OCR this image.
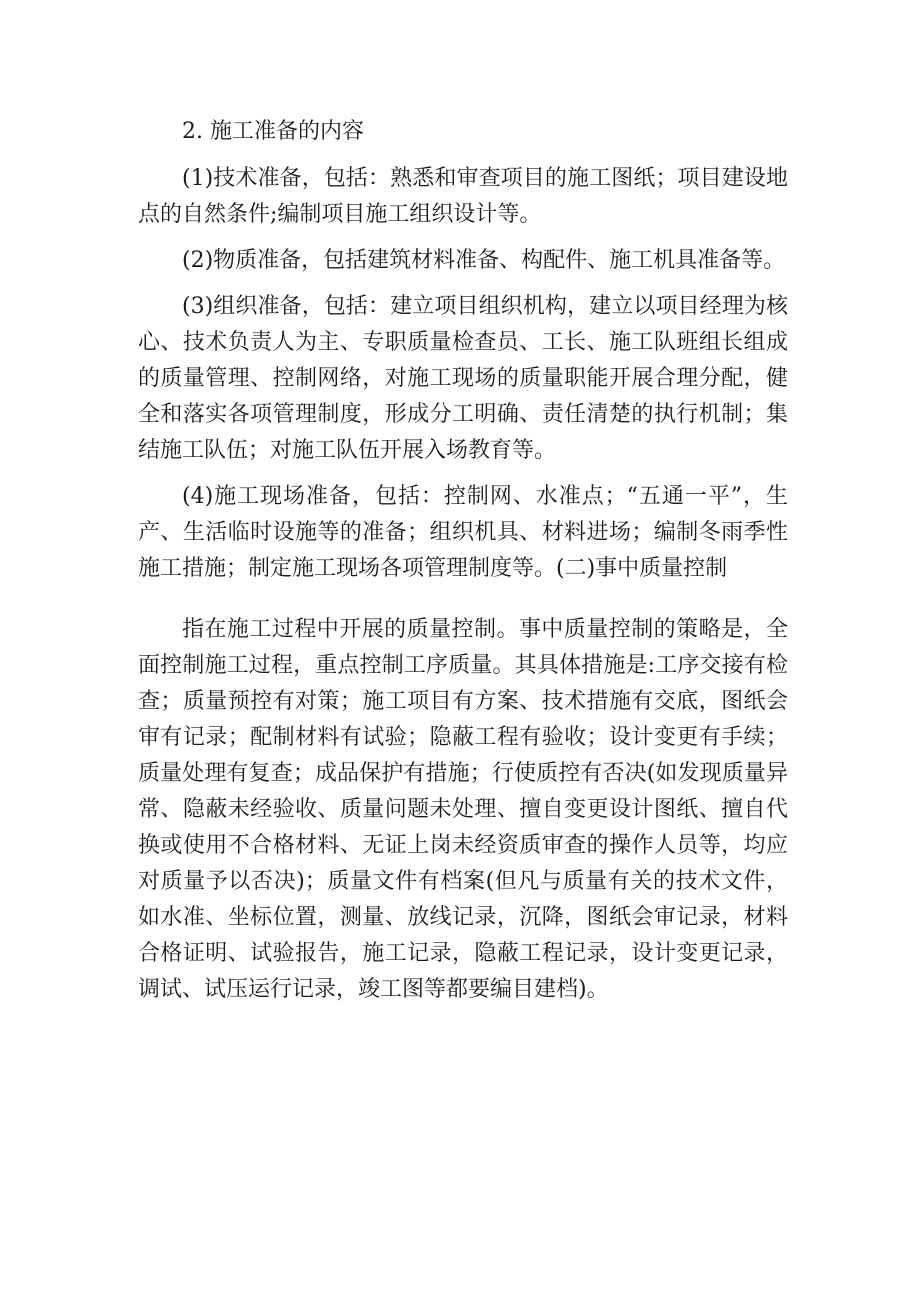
2. 施工准备的内容

(1)技术准备，包括：熟悉和审查项目的施工图纸；项目建设地点的自然条件;编制项目施工组织设计等。

(2)物质准备，包括建筑材料准备、构配件、施工机具准备等。

(3)组织准备，包括：建立项目组织机构，建立以项目经理为核心、技术负责人为主、专职质量检查员、工长、施工队班组长组成的质量管理、控制网络，对施工现场的质量职能开展合理分配，健全和落实各项管理制度，形成分工明确、责任清楚的执行机制；集结施工队伍；对施工队伍开展入场教育等。

(4)施工现场准备，包括：控制网、水准点；“五通一平”，生产、生活临时设施等的准备；组织机具、材料进场；编制冬雨季性施工措施；制定施工现场各项管理制度等。(二)事中质量控制

指在施工过程中开展的质量控制。事中质量控制的策略是，全面控制施工过程，重点控制工序质量。其具体措施是:工序交接有检查；质量预控有对策；施工项目有方案、技术措施有交底，图纸会审有记录；配制材料有试验；隐蔽工程有验收；设计变更有手续；质量处理有复查；成品保护有措施；行使质控有否决(如发现质量异常、隐蔽未经验收、质量问题未处理、擅自变更设计图纸、擅自代换或使用不合格材料、无证上岗未经资质审查的操作人员等，均应对质量予以否决)；质量文件有档案(但凡与质量有关的技术文件，如水准、坐标位置，测量、放线记录，沉降，图纸会审记录，材料合格证明、试验报告，施工记录，隐蔽工程记录，设计变更记录，调试、试压运行记录，竣工图等都要编目建档)。
